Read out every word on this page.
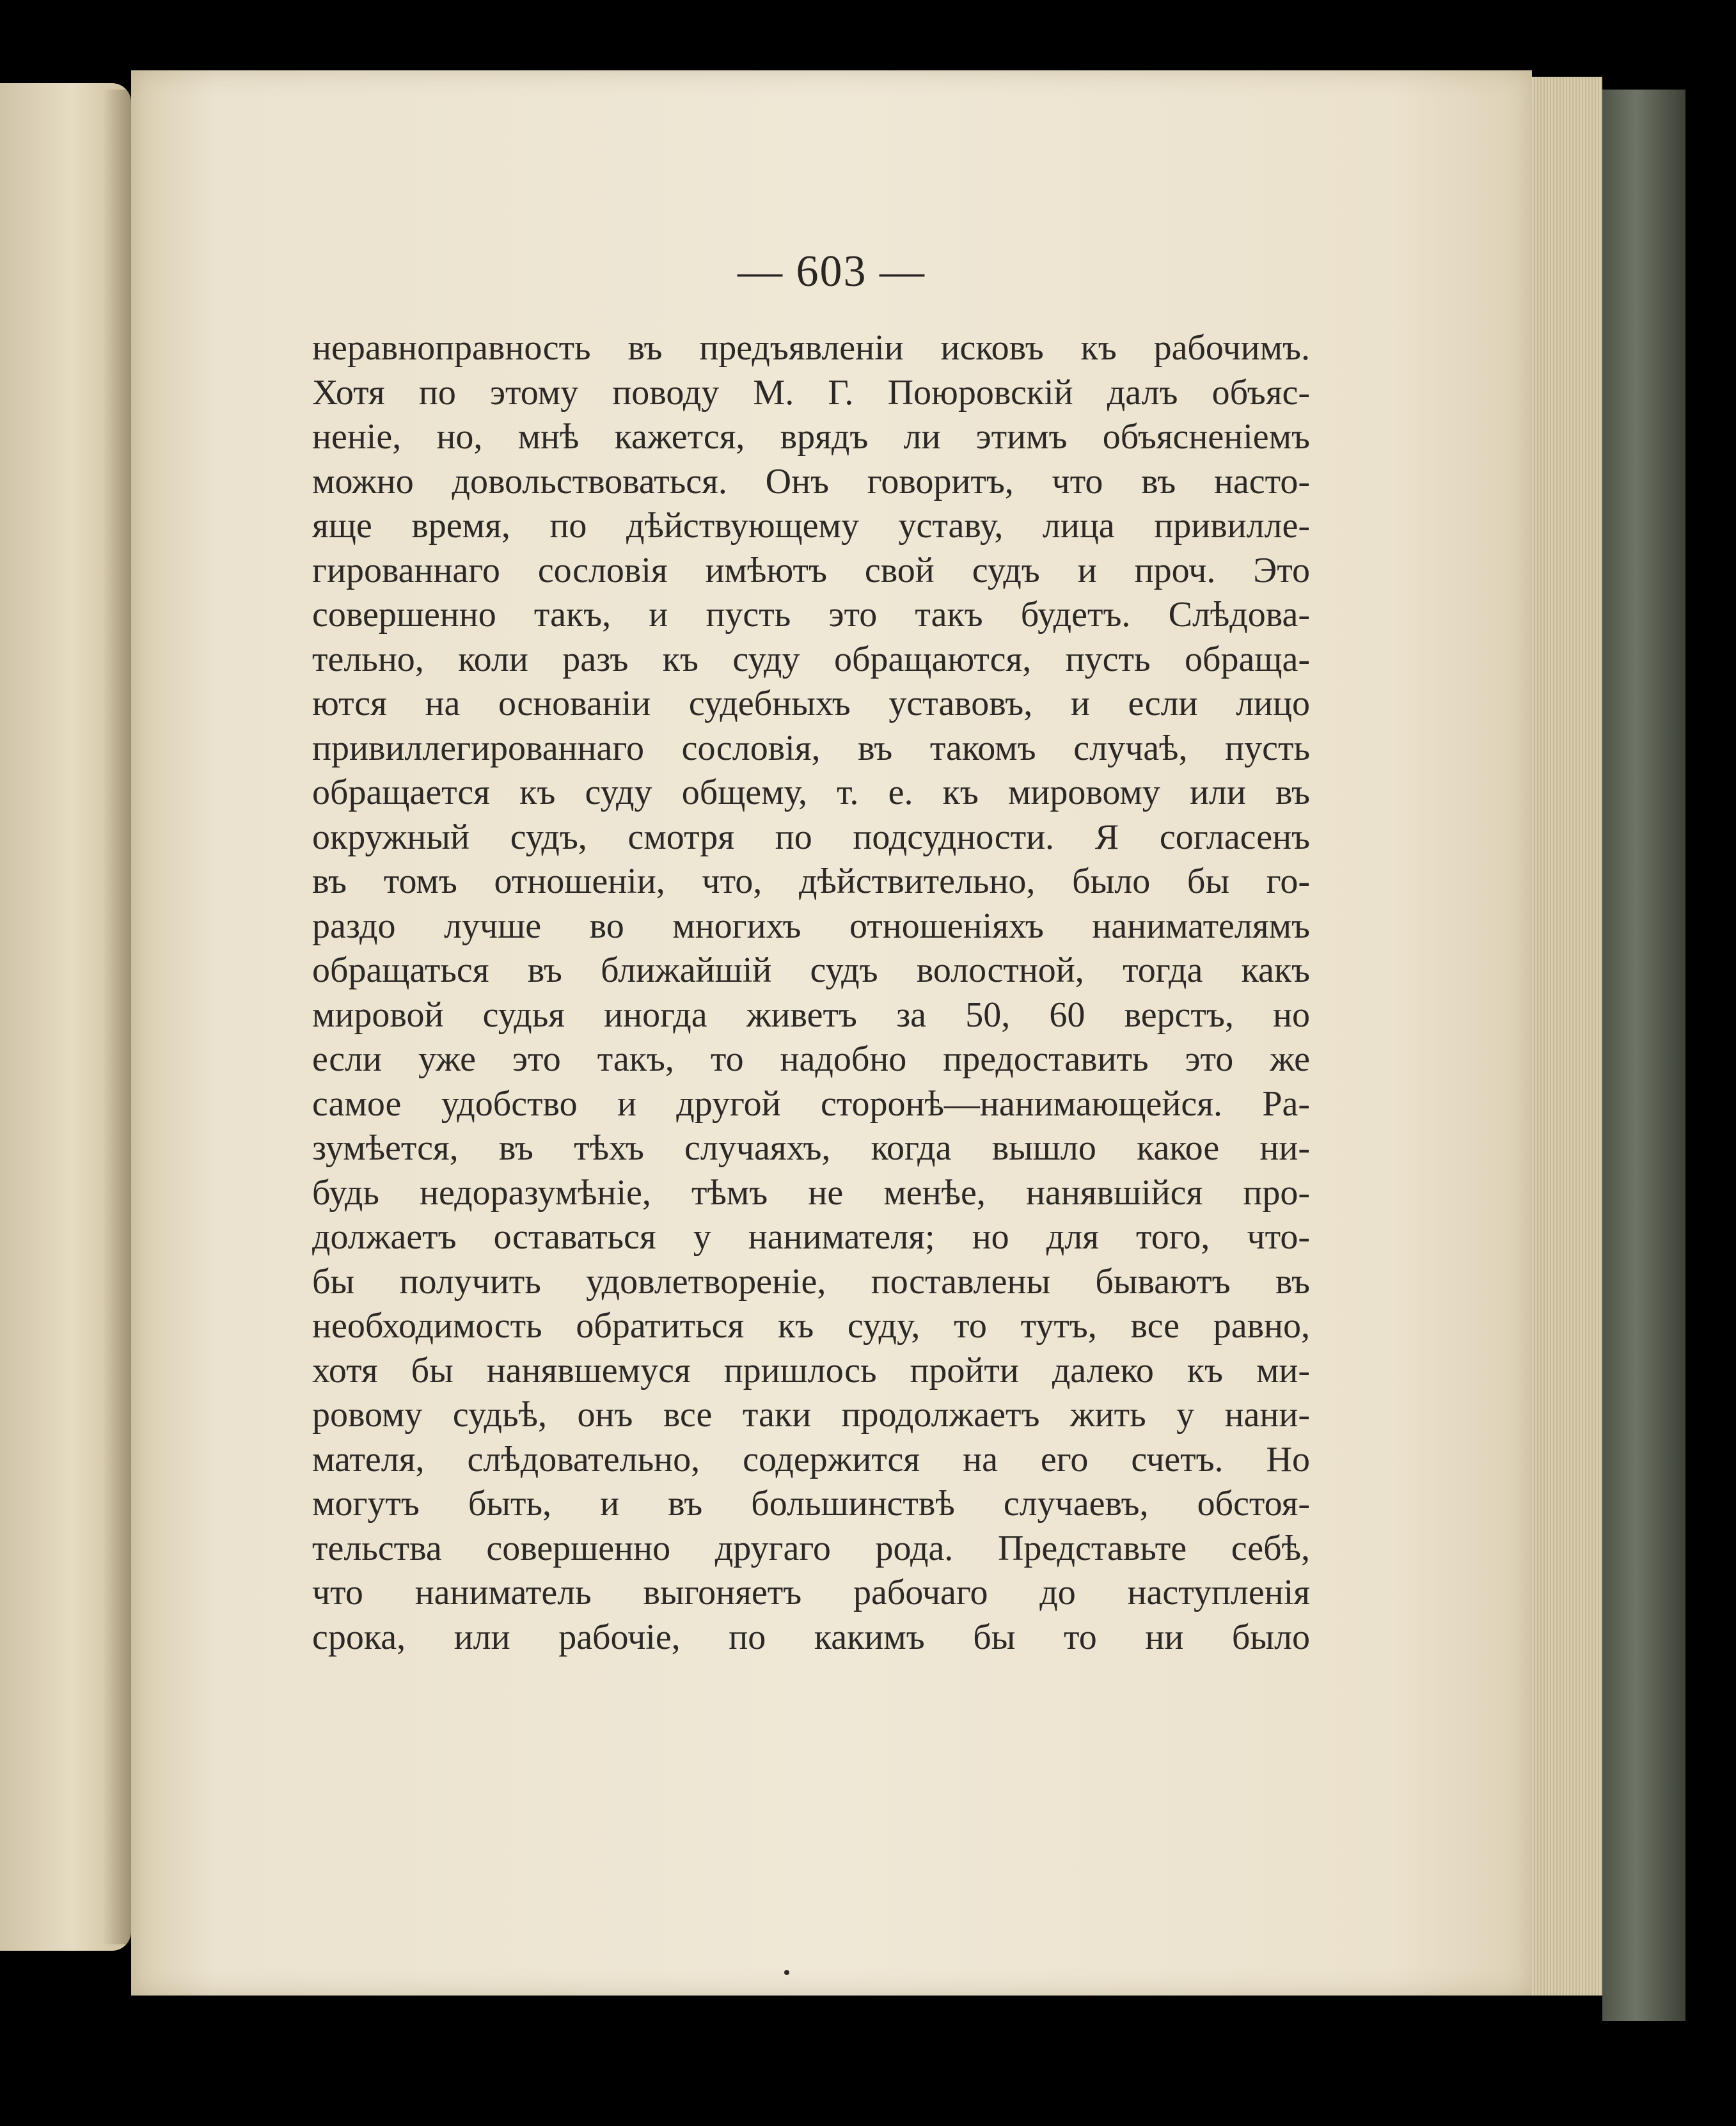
— 603 —
неравноправность въ предъявленіи исковъ къ рабочимъ.
Хотя по этому поводу М. Г. Поюровскій далъ объяс-
неніе, но, мнѣ кажется, врядъ ли этимъ объясненіемъ
можно довольствоваться. Онъ говоритъ, что въ насто-
яще время, по дѣйствующему уставу, лица привилле-
гированнаго сословія имѣютъ свой судъ и проч. Это
совершенно такъ, и пусть это такъ будетъ. Слѣдова-
тельно, коли разъ къ суду обращаются, пусть обраща-
ются на основаніи судебныхъ уставовъ, и если лицо
привиллегированнаго сословія, въ такомъ случаѣ, пусть
обращается къ суду общему, т. е. къ мировому или въ
окружный судъ, смотря по подсудности. Я согласенъ
въ томъ отношеніи, что, дѣйствительно, было бы го-
раздо лучше во многихъ отношеніяхъ нанимателямъ
обращаться въ ближайшій судъ волостной, тогда какъ
мировой судья иногда живетъ за 50, 60 верстъ, но
если уже это такъ, то надобно предоставить это же
самое удобство и другой сторонѣ—нанимающейся. Ра-
зумѣется, въ тѣхъ случаяхъ, когда вышло какое ни-
будь недоразумѣніе, тѣмъ не менѣе, нанявшійся про-
должаетъ оставаться у нанимателя; но для того, что-
бы получить удовлетвореніе, поставлены бываютъ въ
необходимость обратиться къ суду, то тутъ, все равно,
хотя бы нанявшемуся пришлось пройти далеко къ ми-
ровому судьѣ, онъ все таки продолжаетъ жить у нани-
мателя, слѣдовательно, содержится на его счетъ. Но
могутъ быть, и въ большинствѣ случаевъ, обстоя-
тельства совершенно другаго рода. Представьте себѣ,
что наниматель выгоняетъ рабочаго до наступленія
срока, или рабочіе, по какимъ бы то ни было
